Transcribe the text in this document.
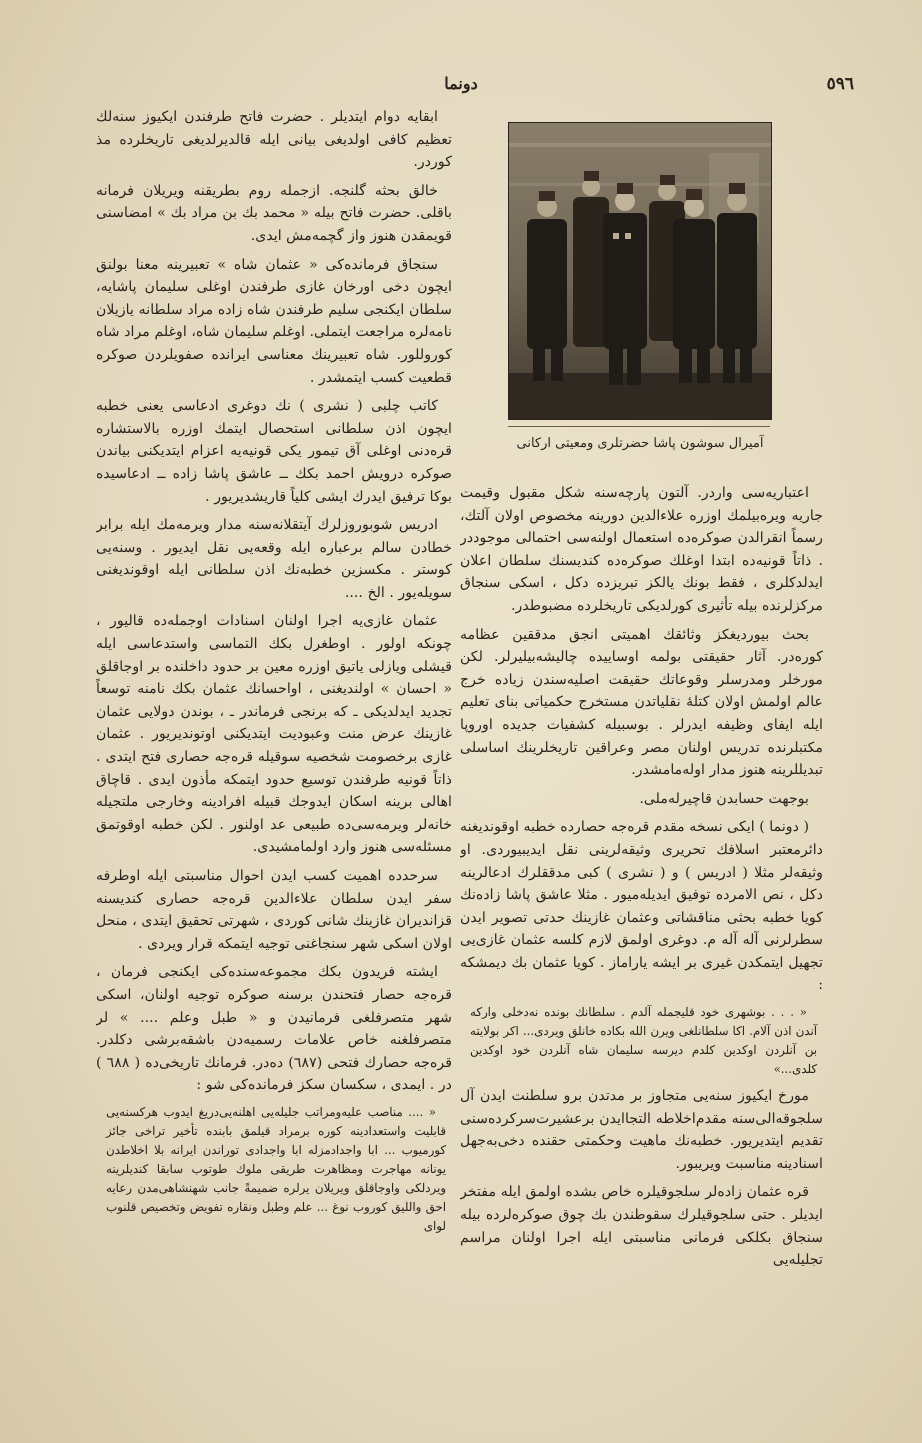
٥٩٦
دونما

ابقایه دوام ایتدیلر . حضرت فاتح طرفندن ایکیوز سنه‌لك تعظیم کافی اولدیغی بیانی ایله قالدیرلدیغی تاریخلرده مذ کوردر.

خالق بحثه گلنجه. ازجمله روم بطریقنه ویریلان فرمانه باقلی. حضرت فاتح بیله « محمد بك بن مراد بك » امضاسنی قویمقدن هنوز واز گچمه‌مش ایدی.

سنجاق فرمانده‌کی « عثمان شاه » تعبیرینه معنا بولنق ایچون دخی اورخان غازی طرفندن اوغلی سلیمان پاشایه، سلطان ایکنجی سلیم طرفندن شاه زاده مراد سلطانه یازیلان نامه‌لره مراجعت ایتملی. اوغلم سلیمان شاه، اوغلم مراد شاه کوروللور. شاه تعبیرینك معناسی ایرانده صفویلردن صوکره قطعیت کسب ایتمشدر .

کاتب چلبی ( نشری ) نك دوغری ادعاسی یعنی خطبه ایچون اذن سلطانی استحصال ایتمك اوزره بالاستشاره قره‌دنی اوغلی آق تیمور یکی قونیه‌یه اعزام ایتدیکنی بیاندن صوکره درویش احمد بکك ــ عاشق پاشا زاده ــ ادعاسیده بوکا ترفیق ایدرك ایشی کلیاً قاریشدیریور .

ادریس شوبوروزلرك آیتقلانه‌سنه مدار ویرمه‌مك ایله برابر خطادن سالم برعباره ایله وقعه‌یی نقل ایدیور . وسنه‌یی کوستر . مکسزین خطبه‌نك اذن سلطانی ایله اوقوندیغنی سویله‌یور . الخ ....

عثمان غازی‌یه اجرا اولنان اسنادات اوجمله‌ده قالیور ، چونکه اولور . اوطغرل بکك التماسی واستدعاسی ایله قیشلی ویازلی یاتیق اوزره معین بر حدود داخلنده بر اوجاقلق « احسان » اولندیغنی ، اواحسانك عثمان بکك نامنه توسعاً تجدید ایدلدیکی ـ که برنجی فرماندر ـ ، بوندن دولایی عثمان غازینك عرض منت وعبودیت ایتدیکنی اوتوندیریور . عثمان غازی برخصومت شخصیه سوقیله قره‌جه حصاری فتح ایتدی . ذاتاً قونیه طرفندن توسیع حدود ایتمکه مأذون ایدی . قاچاق اهالی برینه اسکان ایدوجك قبیله افرادینه وخارجی ملتجیله خانه‌لر ویرمه‌سی‌ده طبیعی عد اولنور . لکن خطبه اوقوتمق مسئله‌سی هنوز وارد اولمامشیدی.

سرحدده اهمیت کسب ایدن احوال مناسبتی ایله اوطرفه سفر ایدن سلطان علاءالدین قره‌جه حصاری کندیسنه قزاندیران غازینك شانی کوردی ، شهرتی تحقیق ایتدی ، منحل اولان اسکی شهر سنجاغنی توجیه ایتمکه قرار ویردی .

ایشته فریدون بکك مجموعه‌سنده‌کی ایکنجی فرمان ، قره‌جه حصار فتحندن برسنه صوکره توجیه اولنان، اسکی شهر متصرفلغی فرمانیدن و « طبل وعلم .... » لر متصرفلغنه خاص علامات رسمیه‌دن باشقه‌برشی دکلدر. قره‌جه حصارك فتحی (٦٨٧) ده‌در. فرمانك تاریخی‌ده ( ٦٨٨ ) در . ایمدی ، سکسان سکز فرمانده‌کی شو :

« .... مناصب علیه‌ومراتب جلیله‌یی اهلنه‌یی‌دریغ ایدوب هرکسنه‌یی قابلیت واستعدادینه کوره برمراد قیلمق بابنده تأخیر تراخی جائز کورمیوب ... ابا واجدادمزله ابا واجدادی توراندن ایرانه بلا اخلاطدن یونانه مهاجرت ومظاهرت طریقی ملوك طوتوب سابقا کندیلرینه ویردلکی واوجاقلق ویریلان یرلره ضمیمةً جانب شهنشاهی‌مدن رعایه احق واللیق کوروب نوغ ... علم وطبل ونقاره تفویض وتخصیص قلنوب لوای

آمیرال سوشون پاشا حضرتلری ومعیتی ارکانی

اعتباریه‌سی واردر. آلتون پارچه‌سنه شکل مقبول وقیمت جاریه ویره‌بیلمك اوزره علاءالدین دورینه مخصوص اولان آلتك، رسماً انقرالدن صوکره‌ده استعمال اولنه‌سی احتمالی موجوددر . ذاتاً قونیه‌ده ابتدا اوغلك صوکره‌ده کندیسنك سلطان اعلان ایدلدکلری ، فقط بونك یالکز تبریزده دکل ، اسکی سنجاق مرکزلرنده بیله تأثیری کورلدیکی تاریخلرده مضبوطدر.

بحث بیوردیغکز وثائقك اهمیتی انجق مدققین عظامه کوره‌در. آثار حقیقتی بولمه اوساییده چالیشه‌بیلیرلر. لکن مورخلر ومدرسلر وقوعاتك حقیقت اصلیه‌سندن زیاده خرج عالم اولمش اولان کتله‌ٔ نقلیاتدن مستخرج حکمیاتی بنای تعلیم ایله ایفای وظیفه ایدرلر . بوسبیله کشفیات جدیده اوروپا مکتبلرنده تدریس اولنان مصر وعراقین تاریخلرینك اساسلی تبدیللرینه هنوز مدار اوله‌مامشدر.

بوجهت حسابدن قاچیرله‌ملی.

( دونما ) ایکی نسخه مقدم قره‌جه حصارده خطبه اوقوندیغنه دائرمعتبر اسلافك تحریری وثیقه‌لرینی نقل ایدیبیوردی. او وثیقه‌لر مثلا ( ادریس ) و ( نشری ) کبی مدققلرك ادعالرینه دکل ، نص الامرده توفیق ایدیله‌میور . مثلا عاشق پاشا زاده‌نك کویا خطبه بحثی مناقشاتی وعثمان غازینك حدتی تصویر ایدن سطرلرنی آله آله م. دوغری اولمق لازم کلسه عثمان غازی‌یی تجهیل ایتمکدن غیری بر ایشه یاراماز . کویا عثمان بك دیمشکه :

« . . . بوشهری خود قلیجمله آلدم . سلطانك بونده نه‌دخلی وارکه آندن اذن آلام. اکا سلطانلغی ویرن الله بکاده خانلق ویردی... اکر بولایته بن آنلردن اوکدین کلدم دیرسه سلیمان شاه آنلردن خود اوکدین کلدی...»

مورخ ایکیوز سنه‌یی متجاوز بر مدتدن برو سلطنت ایدن آل سلجوقه‌الی‌سنه مقدم‌اخلاطه التجاایدن برعشیرت‌سرکرده‌سنی تقدیم ایتدیریور. خطبه‌نك ماهیت وحکمتی حقنده دخی‌به‌جهل اسنادینه مناسبت ویریبور.

قره عثمان زاده‌لر سلجوقیلره خاص بشده اولمق ایله مفتخر ایدیلر . حتی سلجوقیلرك سقوطندن بك چوق صوکره‌لرده بیله سنجاق بکلکی فرمانی مناسبتی ایله اجرا اولنان مراسم تجلیله‌یی
